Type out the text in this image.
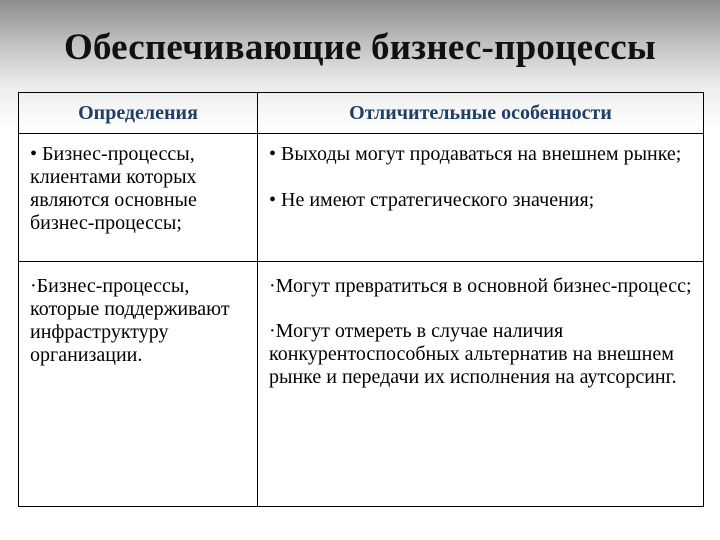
Обеспечивающие бизнес-процессы
Определения	Отличительные особенности

• Бизнес-процессы, клиентами которых являются основные бизнес-процессы;	• Выходы могут продаваться на внешнем рынке;

• Не имеют стратегического значения;

·Бизнес-процессы, которые поддерживают инфраструктуру организации.	·Могут превратиться в основной бизнес-процесс;

·Могут отмереть в случае наличия конкурентоспособных альтернатив на внешнем рынке и передачи их исполнения на аутсорсинг.
